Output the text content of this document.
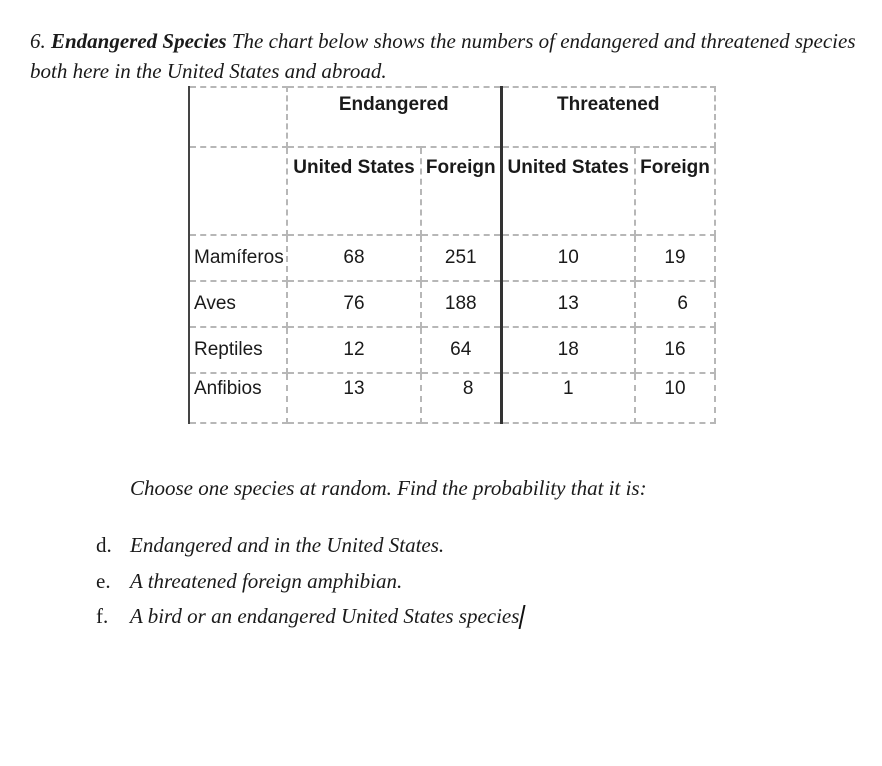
6. Endangered Species The chart below shows the numbers of endangered and threatened species both here in the United States and abroad.
	Endangered		Threatened	
	United States	Foreign	United States	Foreign
Mamíferos	68	251	10	19
Aves	76	188	13	6
Reptiles	12	64	18	16
Anfibios	13	8	1	10
Choose one species at random. Find the probability that it is:
d. Endangered and in the United States.
e. A threatened foreign amphibian.
f.	A bird or an endangered United States species
